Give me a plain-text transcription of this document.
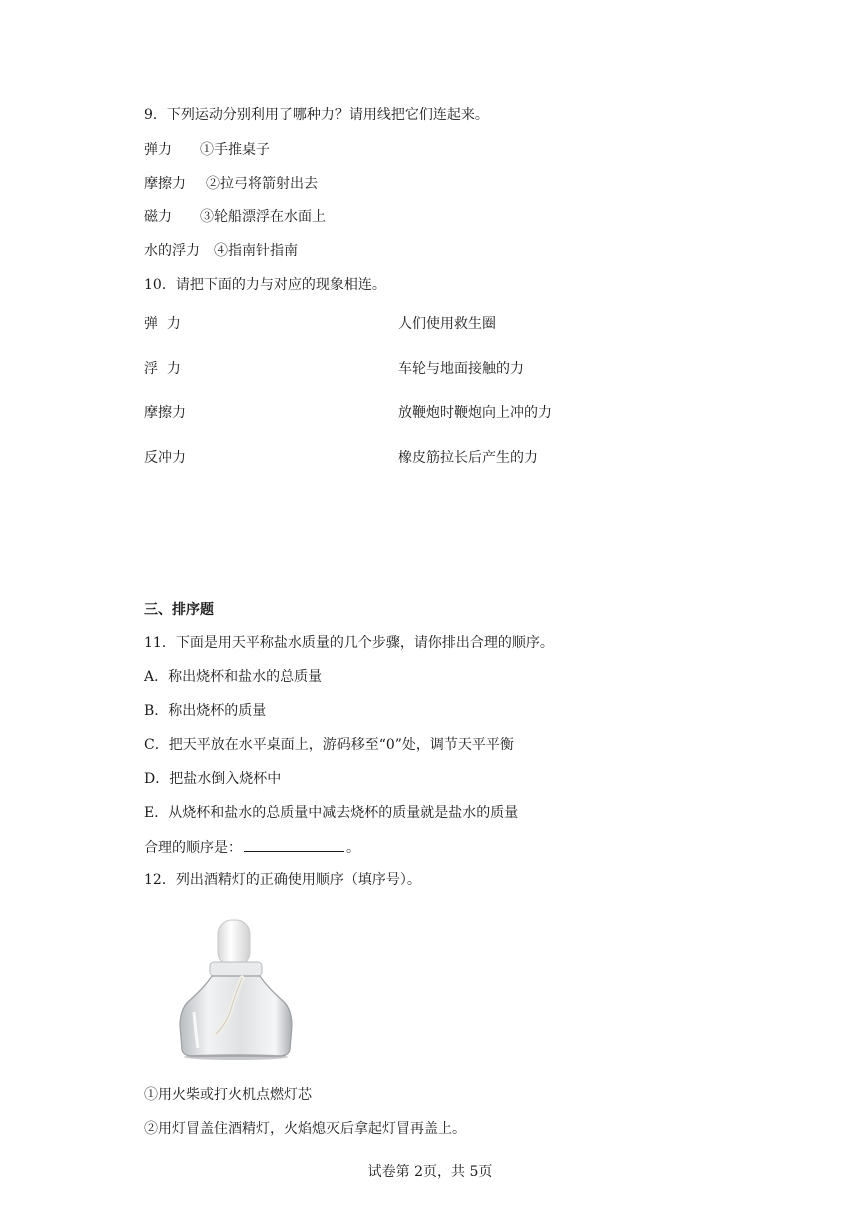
9．下列运动分别利用了哪种力？请用线把它们连起来。
弹力 ①手推桌子
摩擦力 ②拉弓将箭射出去
磁力 ③轮船漂浮在水面上
水的浮力 ④指南针指南
10．请把下面的力与对应的现象相连。
弹  力	人们使用救生圈
浮  力	车轮与地面接触的力
摩擦力	放鞭炮时鞭炮向上冲的力
反冲力	橡皮筋拉长后产生的力
三、排序题
11．下面是用天平称盐水质量的几个步骤，请你排出合理的顺序。
A．称出烧杯和盐水的总质量
B．称出烧杯的质量
C．把天平放在水平桌面上，游码移至“0”处，调节天平平衡
D．把盐水倒入烧杯中
E．从烧杯和盐水的总质量中减去烧杯的质量就是盐水的质量
合理的顺序是：	。
12．列出酒精灯的正确使用顺序（填序号）。
①用火柴或打火机点燃灯芯
②用灯冒盖住酒精灯，火焰熄灭后拿起灯冒再盖上。
试卷第 2页，共 5页
